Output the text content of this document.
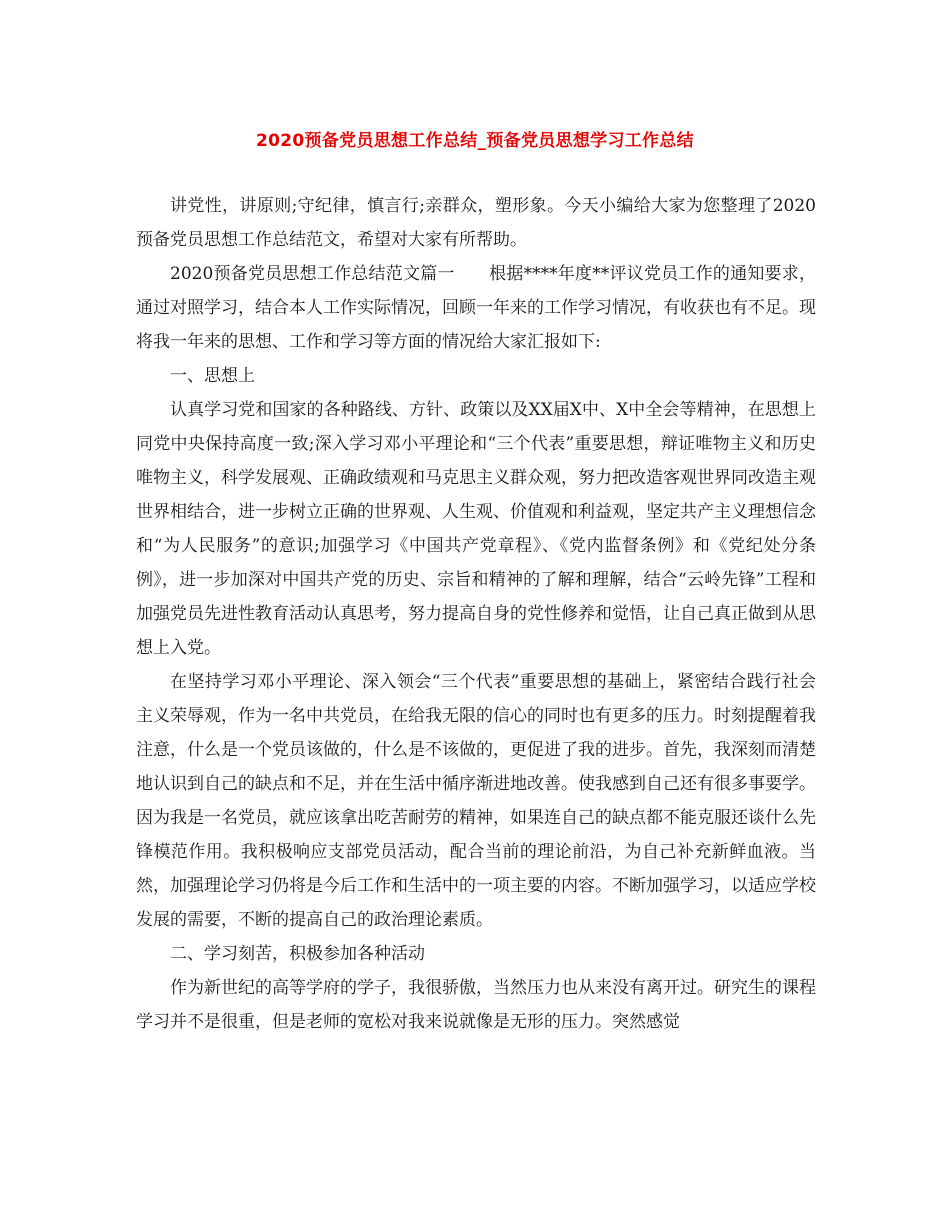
2020预备党员思想工作总结_预备党员思想学习工作总结

讲党性，讲原则;守纪律，慎言行;亲群众，塑形象。今天小编给大家为您整理了2020预备党员思想工作总结范文，希望对大家有所帮助。

2020预备党员思想工作总结范文篇一　　根据****年度**评议党员工作的通知要求，通过对照学习，结合本人工作实际情况，回顾一年来的工作学习情况，有收获也有不足。现将我一年来的思想、工作和学习等方面的情况给大家汇报如下:

一、思想上

认真学习党和国家的各种路线、方针、政策以及XX届X中、X中全会等精神，在思想上同党中央保持高度一致;深入学习邓小平理论和“三个代表”重要思想，辩证唯物主义和历史唯物主义，科学发展观、正确政绩观和马克思主义群众观，努力把改造客观世界同改造主观世界相结合，进一步树立正确的世界观、人生观、价值观和利益观，坚定共产主义理想信念和“为人民服务”的意识;加强学习《中国共产党章程》、《党内监督条例》和《党纪处分条例》，进一步加深对中国共产党的历史、宗旨和精神的了解和理解，结合“云岭先锋”工程和加强党员先进性教育活动认真思考，努力提高自身的党性修养和觉悟，让自己真正做到从思想上入党。

在坚持学习邓小平理论、深入领会“三个代表”重要思想的基础上，紧密结合践行社会主义荣辱观，作为一名中共党员，在给我无限的信心的同时也有更多的压力。时刻提醒着我注意，什么是一个党员该做的，什么是不该做的，更促进了我的进步。首先，我深刻而清楚地认识到自己的缺点和不足，并在生活中循序渐进地改善。使我感到自己还有很多事要学。因为我是一名党员，就应该拿出吃苦耐劳的精神，如果连自己的缺点都不能克服还谈什么先锋模范作用。我积极响应支部党员活动，配合当前的理论前沿，为自己补充新鲜血液。当然，加强理论学习仍将是今后工作和生活中的一项主要的内容。不断加强学习，以适应学校发展的需要，不断的提高自己的政治理论素质。

二、学习刻苦，积极参加各种活动

作为新世纪的高等学府的学子，我很骄傲，当然压力也从来没有离开过。研究生的课程学习并不是很重，但是老师的宽松对我来说就像是无形的压力。突然感觉
